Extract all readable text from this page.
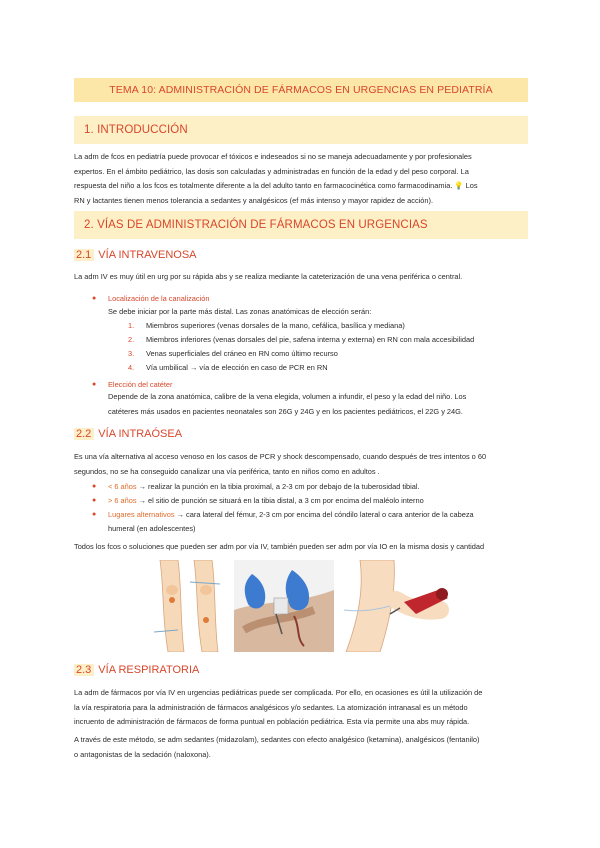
TEMA 10: ADMINISTRACIÓN DE FÁRMACOS EN URGENCIAS EN PEDIATRÍA
1. INTRODUCCIÓN
La adm de fcos en pediatría puede provocar ef tóxicos e indeseados si no se maneja adecuadamente y por profesionales
expertos. En el ámbito pediátrico, las dosis son calculadas y administradas en función de la edad y del peso corporal. La
respuesta del niño a los fcos es totalmente diferente a la del adulto tanto en farmacocinética como farmacodinamia. 💡 Los
RN y lactantes tienen menos tolerancia a sedantes y analgésicos (ef más intenso y mayor rapidez de acción).
2. VÍAS DE ADMINISTRACIÓN DE FÁRMACOS EN URGENCIAS
2.1 VÍA INTRAVENOSA
La adm IV es muy útil en urg por su rápida abs y se realiza mediante la cateterización de una vena periférica o central.
● Localización de la canalización
Se debe iniciar por la parte más distal. Las zonas anatómicas de elección serán:
1. Miembros superiores (venas dorsales de la mano, cefálica, basílica y mediana)
2. Miembros inferiores (venas dorsales del pie, safena interna y externa) en RN con mala accesibilidad
3. Venas superficiales del cráneo en RN como último recurso
4. Vía umbilical → vía de elección en caso de PCR en RN
● Elección del catéter
Depende de la zona anatómica, calibre de la vena elegida, volumen a infundir, el peso y la edad del niño. Los
catéteres más usados en pacientes neonatales son 26G y 24G y en los pacientes pediátricos, el 22G y 24G.
2.2 VÍA INTRAÓSEA
Es una vía alternativa al acceso venoso en los casos de PCR y shock descompensado, cuando después de tres intentos o 60
segundos, no se ha conseguido canalizar una vía periférica, tanto en niños como en adultos .
● < 6 años → realizar la punción en la tibia proximal, a 2-3 cm por debajo de la tuberosidad tibial.
● > 6 años → el sitio de punción se situará en la tibia distal, a 3 cm por encima del maléolo interno
● Lugares alternativos → cara lateral del fémur, 2-3 cm por encima del cóndilo lateral o cara anterior de la cabeza
humeral (en adolescentes)
Todos los fcos o soluciones que pueden ser adm por vía IV, también pueden ser adm por vía IO en la misma dosis y cantidad
2.3 VÍA RESPIRATORIA
La adm de fármacos por vía IV en urgencias pediátricas puede ser complicada. Por ello, en ocasiones es útil la utilización de
la vía respiratoria para la administración de fármacos analgésicos y/o sedantes. La atomización intranasal es un método
incruento de administración de fármacos de forma puntual en población pediátrica. Esta vía permite una abs muy rápida.
A través de este método, se adm sedantes (midazolam), sedantes con efecto analgésico (ketamina), analgésicos (fentanilo)
o antagonistas de la sedación (naloxona).
